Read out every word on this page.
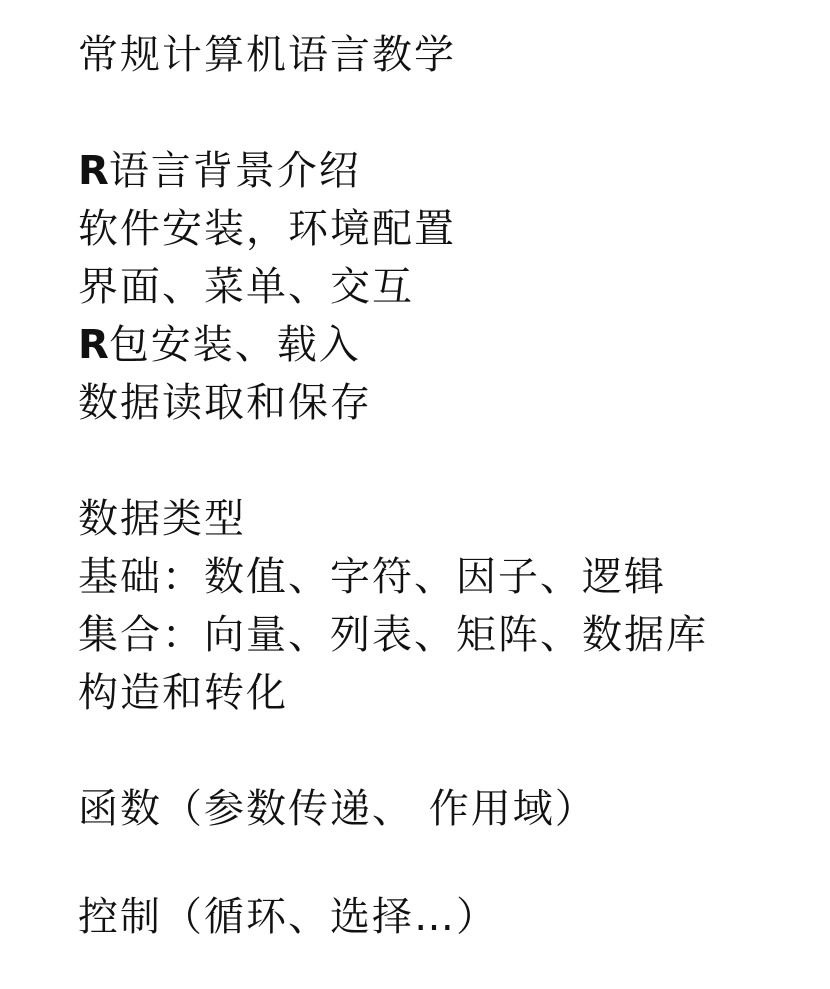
常规计算机语言教学
R语言背景介绍
软件安装，环境配置
界面、菜单、交互
R包安装、载入
数据读取和保存
数据类型
基础：数值、字符、因子、逻辑
集合：向量、列表、矩阵、数据库
构造和转化
函数（参数传递、 作用域）
控制（循环、选择…）
